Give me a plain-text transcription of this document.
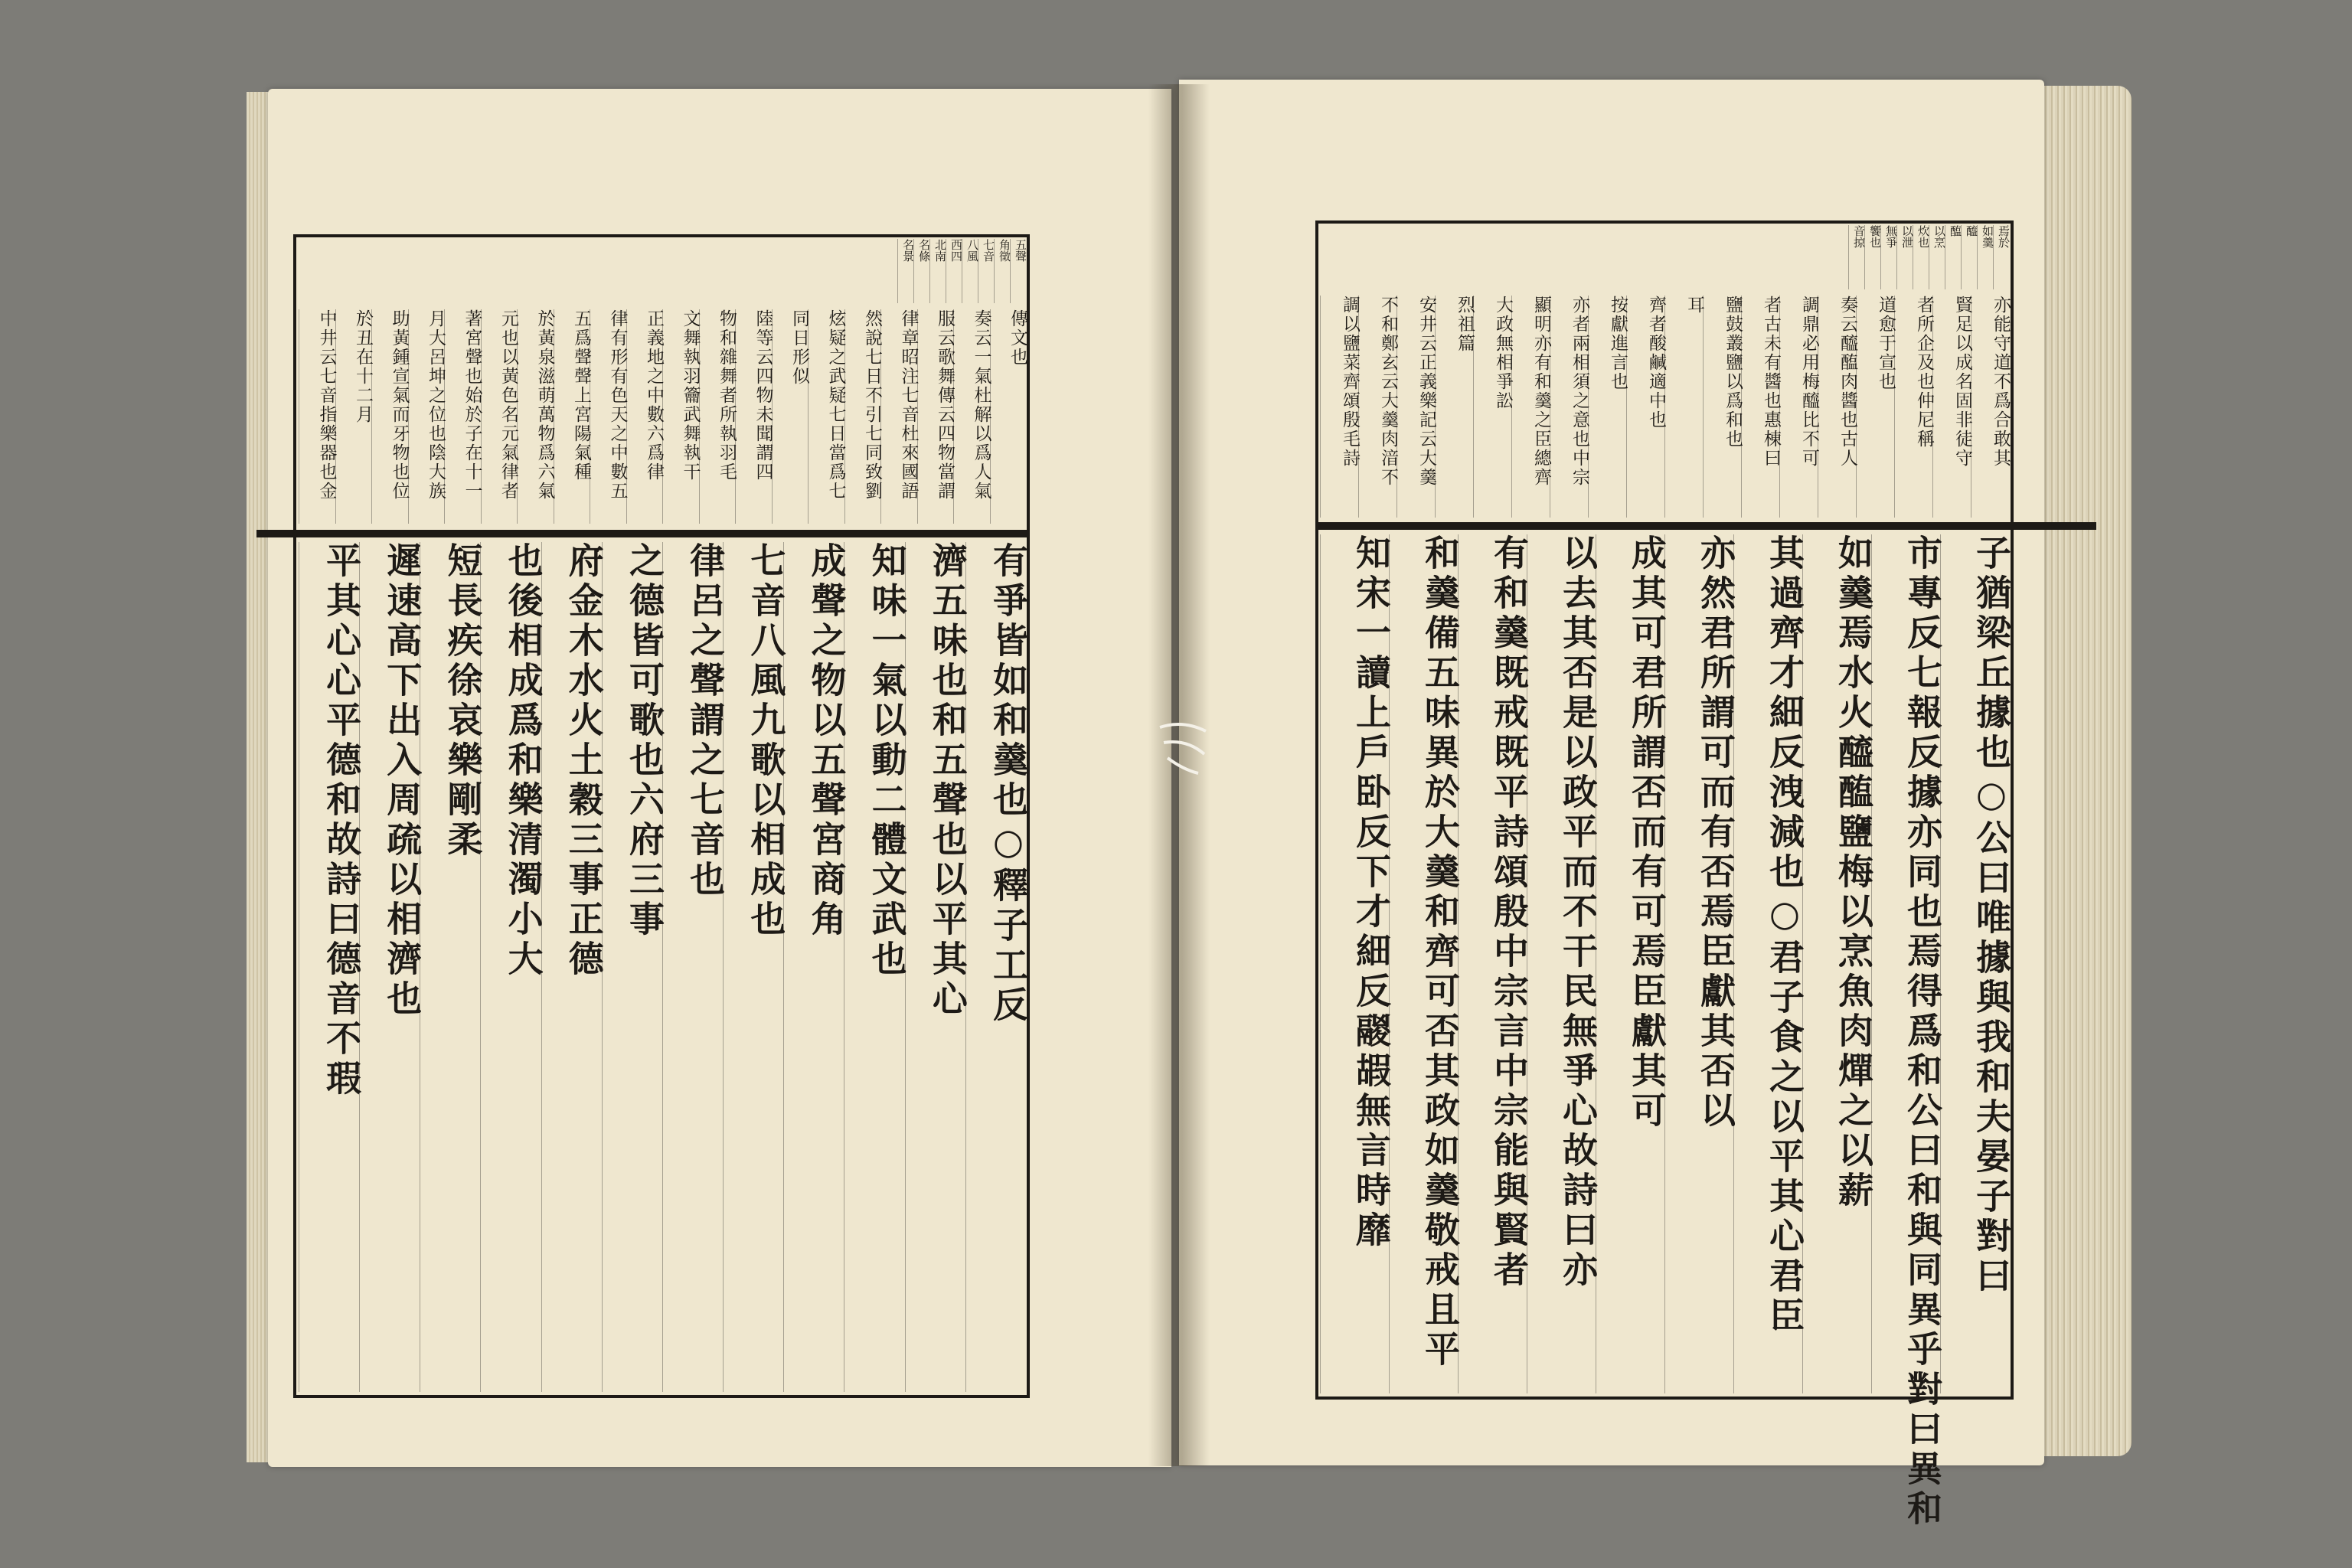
五聲
角徵
七音
八風
西四
北南
名條
名景
傳文也
奏云一氣杜解以爲人氣
服云歌舞傳云四物當謂
律章昭注七音杜來國語
然說七日不引七同致劉
炫疑之武疑七日當爲七
同日形似
陸等云四物未聞謂四
物和雜舞者所執羽毛
文舞執羽籥武舞執干
正義地之中數六爲律
律有形有色天之中數五
五爲聲聲上宮陽氣種
於黃泉滋萌萬物爲六氣
元也以黃色名元氣律者
著宮聲也始於子在十一
月大呂坤之位也陰大族
助黃鍾宣氣而牙物也位
於丑在十二月
中井云七音指樂器也金
有爭皆如和羹也○釋子工反
濟五味也和五聲也以平其心
知味一氣以動二體文武也
成聲之物以五聲宮商角
七音八風九歌以相成也
律呂之聲謂之七音也
之德皆可歌也六府三事
府金木水火土穀三事正德
也後相成爲和樂清濁小大
短長疾徐哀樂剛柔
遲速高下出入周疏以相濟也
平其心心平德和故詩曰德音不瑕
焉於
如羹
醯
醢
以烹
炊也
以泄
無爭
饗也
音掠
亦能守道不爲合敢其
賢足以成名固非徒守
者所企及也仲尼稱
道愈于宣也
奏云醯醢肉醬也古人
調鼎必用梅醯比不可
者古未有醬也惠棟曰
鹽鼓叢鹽以爲和也
耳
齊者酸鹹適中也
按獻進言也
亦者兩相須之意也中宗
顯明亦有和羹之臣總齊
大政無相爭訟
烈祖篇
安井云正義樂記云大羹
不和鄭玄云大羹肉湆不
調以鹽菜齊頌殷毛詩
子猶梁丘據也○公曰唯據與我和夫晏子對曰
市專反七報反據亦同也焉得爲和公曰和與同異乎對曰異和
如羹焉水火醯醢鹽梅以烹魚肉燀之以薪
其過齊才細反洩減也○君子食之以平其心君臣
亦然君所謂可而有否焉臣獻其否以
成其可君所謂否而有可焉臣獻其可
以去其否是以政平而不干民無爭心故詩曰亦
有和羹既戒既平詩頌殷中宗言中宗能與賢者
和羹備五味異於大羹和齊可否其政如羹敬戒且平
知宋一讀上戶卧反下才細反鬷嘏無言時靡
